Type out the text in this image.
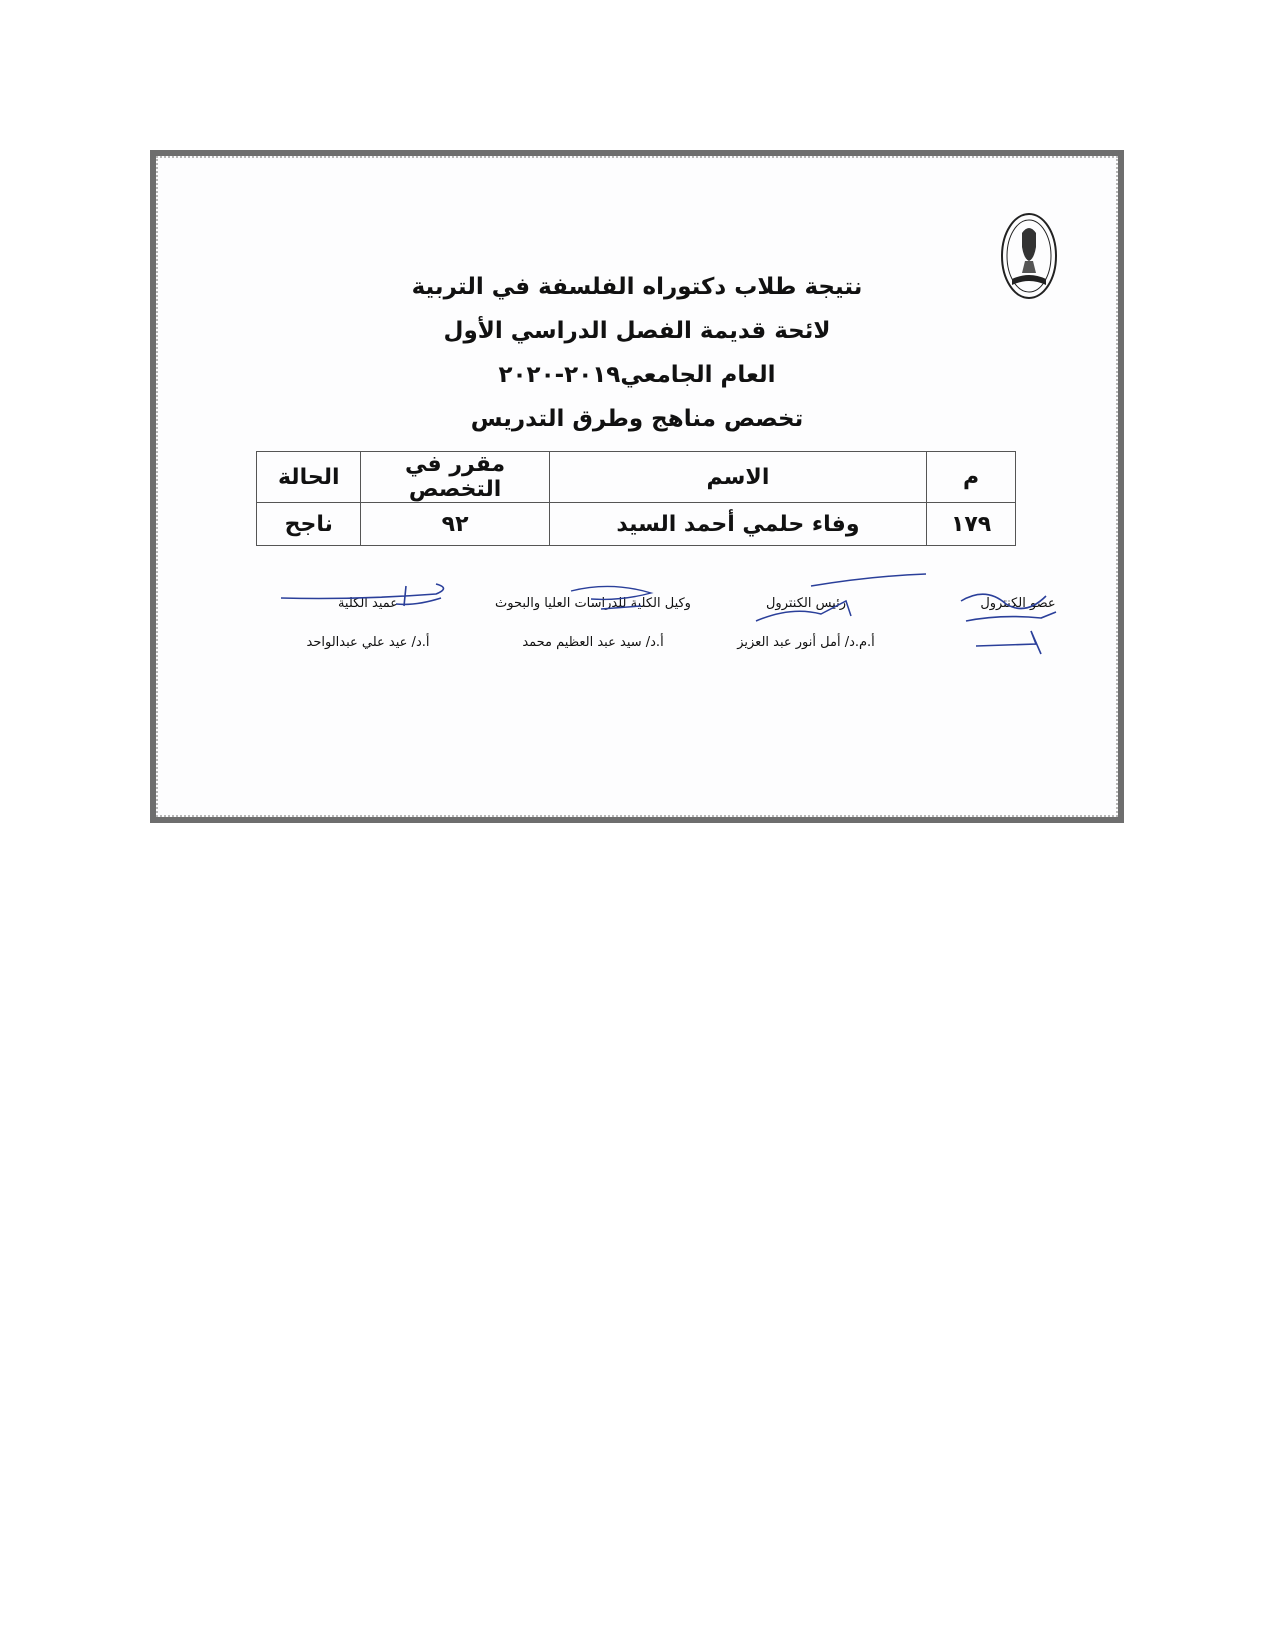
نتيجة طلاب دكتوراه الفلسفة في التربية
لائحة قديمة الفصل الدراسي الأول
العام الجامعي٢٠١٩-٢٠٢٠
تخصص مناهج وطرق التدريس
م	الاسم	مقرر في التخصص	الحالة
١٧٩	وفاء حلمي أحمد السيد	٩٢	ناجح
عضو الكنترول
رئيس الكنترول
أ.م.د/ أمل أنور عبد العزيز
وكيل الكلية للدراسات العليا والبحوث
أ.د/ سيد عبد العظيم محمد
عميد الكلية
أ.د/ عيد علي عبدالواحد
